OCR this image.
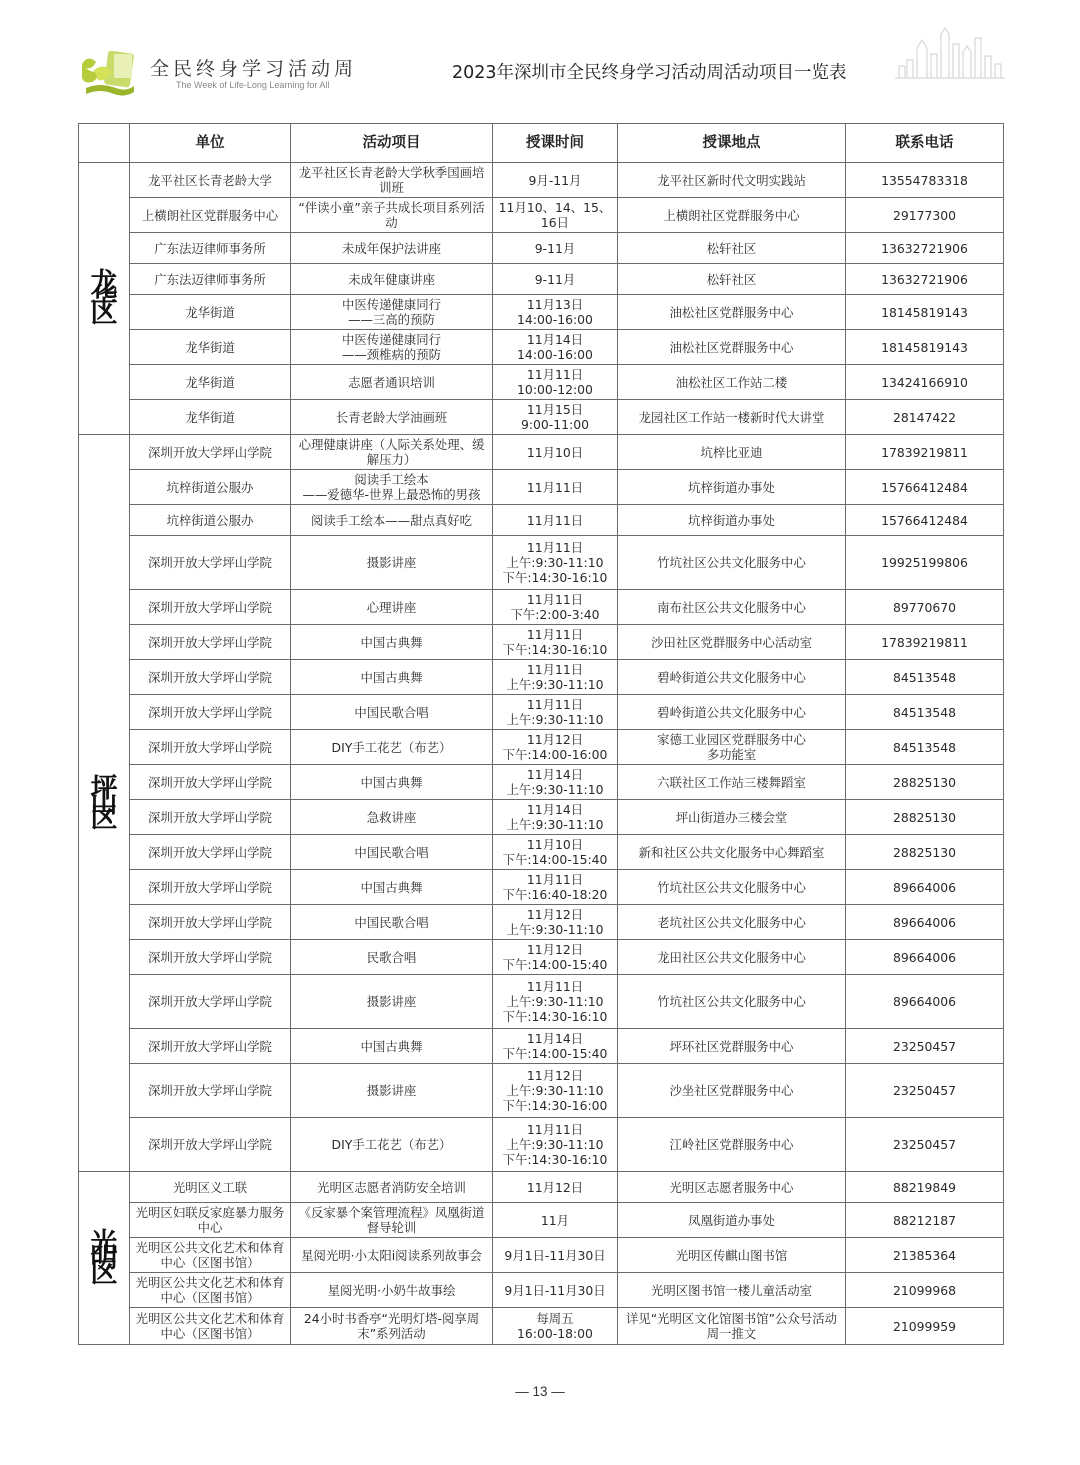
全民终身学习活动周
The Week of Life-Long Learning for All
2023年深圳市全民终身学习活动周活动项目一览表
	单位	活动项目	授课时间	授课地点	联系电话
龙华区	龙平社区长青老龄大学	龙平社区长青老龄大学秋季国画培训班	9月-11月	龙平社区新时代文明实践站	13554783318
	上横朗社区党群服务中心	“伴读小童”亲子共成长项目系列活动	11月10、14、15、16日	上横朗社区党群服务中心	29177300
	广东法迈律师事务所	未成年保护法讲座	9-11月	松轩社区	13632721906
	广东法迈律师事务所	未成年健康讲座	9-11月	松轩社区	13632721906
	龙华街道	中医传递健康同行
——三高的预防	11月13日
14:00-16:00	油松社区党群服务中心	18145819143
	龙华街道	中医传递健康同行
——颈椎病的预防	11月14日
14:00-16:00	油松社区党群服务中心	18145819143
	龙华街道	志愿者通识培训	11月11日
10:00-12:00	油松社区工作站二楼	13424166910
	龙华街道	长青老龄大学油画班	11月15日
9:00-11:00	龙园社区工作站一楼新时代大讲堂	28147422
坪山区	深圳开放大学坪山学院	心理健康讲座（人际关系处理、缓解压力）	11月10日	坑梓比亚迪	17839219811
	坑梓街道公服办	阅读手工绘本
——爱德华-世界上最恐怖的男孩	11月11日	坑梓街道办事处	15766412484
	坑梓街道公服办	阅读手工绘本——甜点真好吃	11月11日	坑梓街道办事处	15766412484
	深圳开放大学坪山学院	摄影讲座	11月11日
上午:9:30-11:10
下午:14:30-16:10	竹坑社区公共文化服务中心	19925199806
	深圳开放大学坪山学院	心理讲座	11月11日
下午:2:00-3:40	南布社区公共文化服务中心	89770670
	深圳开放大学坪山学院	中国古典舞	11月11日
下午:14:30-16:10	沙田社区党群服务中心活动室	17839219811
	深圳开放大学坪山学院	中国古典舞	11月11日
上午:9:30-11:10	碧岭街道公共文化服务中心	84513548
	深圳开放大学坪山学院	中国民歌合唱	11月11日
上午:9:30-11:10	碧岭街道公共文化服务中心	84513548
	深圳开放大学坪山学院	DIY手工花艺（布艺）	11月12日
下午:14:00-16:00	家德工业园区党群服务中心
多功能室	84513548
	深圳开放大学坪山学院	中国古典舞	11月14日
上午:9:30-11:10	六联社区工作站三楼舞蹈室	28825130
	深圳开放大学坪山学院	急救讲座	11月14日
上午:9:30-11:10	坪山街道办三楼会堂	28825130
	深圳开放大学坪山学院	中国民歌合唱	11月10日
下午:14:00-15:40	新和社区公共文化服务中心舞蹈室	28825130
	深圳开放大学坪山学院	中国古典舞	11月11日
下午:16:40-18:20	竹坑社区公共文化服务中心	89664006
	深圳开放大学坪山学院	中国民歌合唱	11月12日
上午:9:30-11:10	老坑社区公共文化服务中心	89664006
	深圳开放大学坪山学院	民歌合唱	11月12日
下午:14:00-15:40	龙田社区公共文化服务中心	89664006
	深圳开放大学坪山学院	摄影讲座	11月11日
上午:9:30-11:10
下午:14:30-16:10	竹坑社区公共文化服务中心	89664006
	深圳开放大学坪山学院	中国古典舞	11月14日
下午:14:00-15:40	坪环社区党群服务中心	23250457
	深圳开放大学坪山学院	摄影讲座	11月12日
上午:9:30-11:10
下午:14:30-16:00	沙坐社区党群服务中心	23250457
	深圳开放大学坪山学院	DIY手工花艺（布艺）	11月11日
上午:9:30-11:10
下午:14:30-16:10	江岭社区党群服务中心	23250457
光明区	光明区义工联	光明区志愿者消防安全培训	11月12日	光明区志愿者服务中心	88219849
	光明区妇联反家庭暴力服务中心	《反家暴个案管理流程》凤凰街道督导轮训	11月	凤凰街道办事处	88212187
	光明区公共文化艺术和体育中心（区图书馆）	星阅光明·小太阳i阅读系列故事会	9月1日-11月30日	光明区传麒山图书馆	21385364
	光明区公共文化艺术和体育中心（区图书馆）	星阅光明·小奶牛故事绘	9月1日-11月30日	光明区图书馆一楼儿童活动室	21099968
	光明区公共文化艺术和体育中心（区图书馆）	24小时书香亭“光明灯塔-阅享周末”系列活动	每周五
16:00-18:00	详见“光明区文化馆图书馆”公众号活动周一推文	21099959
— 13 —
